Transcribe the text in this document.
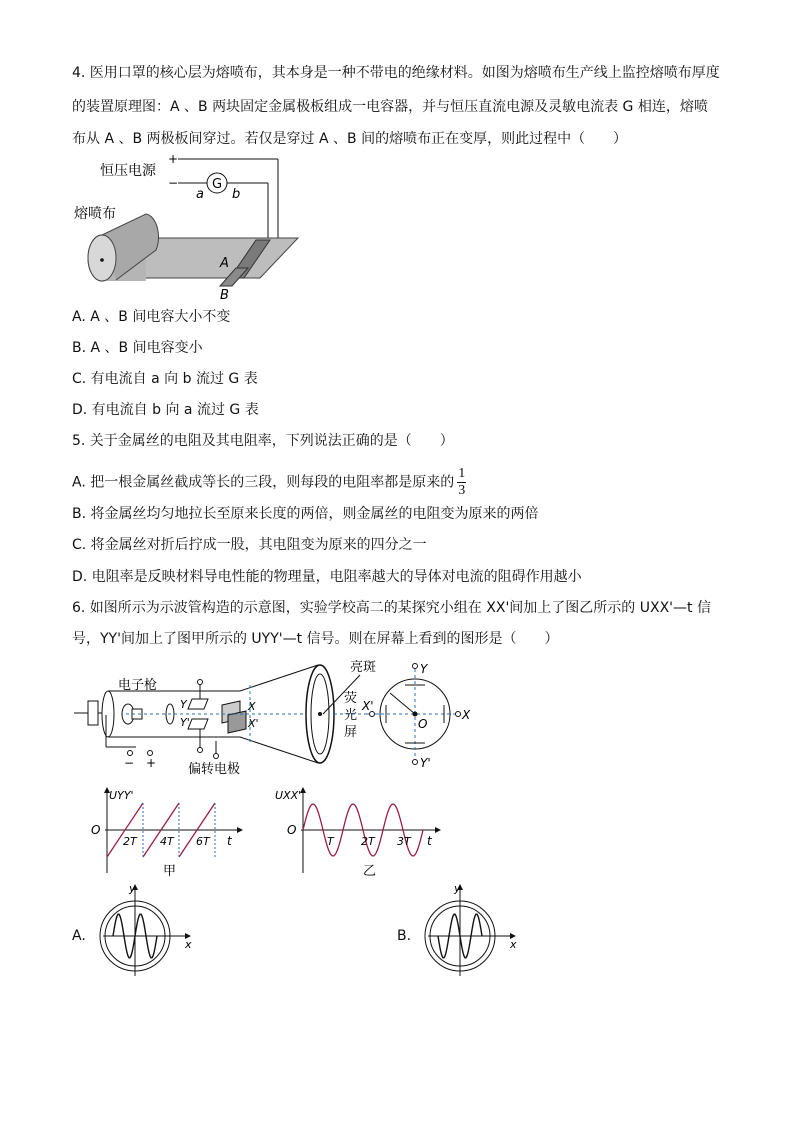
4. 医用口罩的核心层为熔喷布，其本身是一种不带电的绝缘材料。如图为熔喷布生产线上监控熔喷布厚度
的装置原理图：A 、B 两块固定金属极板组成一电容器，并与恒压直流电源及灵敏电流表 G 相连，熔喷
布从 A 、B 两极板间穿过。若仅是穿过 A 、B 间的熔喷布正在变厚，则此过程中（　　）
恒压电源
+
−	G
a b
熔喷布
A
B
A. A 、B 间电容大小不变
B. A 、B 间电容变小
C. 有电流自 a 向 b 流过 G 表
D. 有电流自 b 向 a 流过 G 表
5. 关于金属丝的电阻及其电阻率，下列说法正确的是（　　）
A. 把一根金属丝截成等长的三段，则每段的电阻率都是原来的 $\frac{1}{3}$
B. 将金属丝均匀地拉长至原来长度的两倍，则金属丝的电阻变为原来的两倍
C. 将金属丝对折后拧成一股，其电阻变为原来的四分之一
D. 电阻率是反映材料导电性能的物理量，电阻率越大的导体对电流的阻碍作用越小
6. 如图所示为示波管构造的示意图，实验学校高二的某探究小组在 XX'间加上了图乙所示的 UXX'—t 信
号，YY'间加上了图甲所示的 UYY'—t 信号。则在屏幕上看到的图形是（　　）
电子枪
亮斑
− +
Y
Y'
X
X'
偏转电极
荧
光
屏
Y
Y'
X
X'
O
UYY'
O
t
2T 4T 6T
甲
UXX'
O
t
T 2T 3T
乙
A.
y
x
B.
y
x
